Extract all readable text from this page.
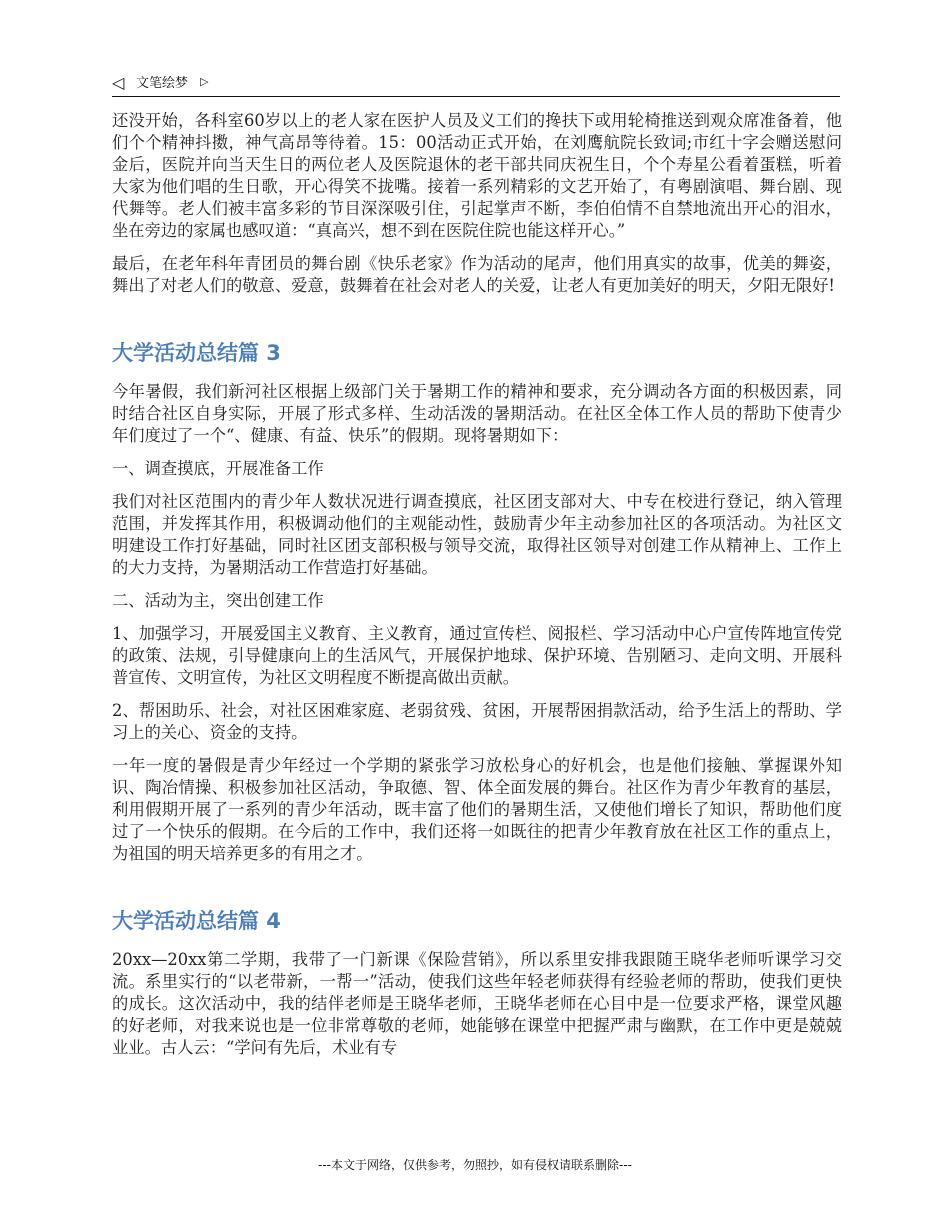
◁ 文笔绘梦 ▷

还没开始，各科室60岁以上的老人家在医护人员及义工们的搀扶下或用轮椅推送到观众席准备着，他们个个精神抖擞，神气高昂等待着。15：00活动正式开始，在刘鹰航院长致词;市红十字会赠送慰问金后，医院并向当天生日的两位老人及医院退休的老干部共同庆祝生日，个个寿星公看着蛋糕，听着大家为他们唱的生日歌，开心得笑不拢嘴。接着一系列精彩的文艺开始了，有粤剧演唱、舞台剧、现代舞等。老人们被丰富多彩的节目深深吸引住，引起掌声不断，李伯伯情不自禁地流出开心的泪水，坐在旁边的家属也感叹道：“真高兴，想不到在医院住院也能这样开心。”

最后，在老年科年青团员的舞台剧《快乐老家》作为活动的尾声，他们用真实的故事，优美的舞姿，舞出了对老人们的敬意、爱意，鼓舞着在社会对老人的关爱，让老人有更加美好的明天，夕阳无限好!

大学活动总结篇 3

今年暑假，我们新河社区根据上级部门关于暑期工作的精神和要求，充分调动各方面的积极因素，同时结合社区自身实际，开展了形式多样、生动活泼的暑期活动。在社区全体工作人员的帮助下使青少年们度过了一个“、健康、有益、快乐”的假期。现将暑期如下：

一、调查摸底，开展准备工作

我们对社区范围内的青少年人数状况进行调查摸底，社区团支部对大、中专在校进行登记，纳入管理范围，并发挥其作用，积极调动他们的主观能动性，鼓励青少年主动参加社区的各项活动。为社区文明建设工作打好基础，同时社区团支部积极与领导交流，取得社区领导对创建工作从精神上、工作上的大力支持，为暑期活动工作营造打好基础。

二、活动为主，突出创建工作

1、加强学习，开展爱国主义教育、主义教育，通过宣传栏、阅报栏、学习活动中心户宣传阵地宣传党的政策、法规，引导健康向上的生活风气，开展保护地球、保护环境、告别陋习、走向文明、开展科普宣传、文明宣传，为社区文明程度不断提高做出贡献。

2、帮困助乐、社会，对社区困难家庭、老弱贫残、贫困，开展帮困捐款活动，给予生活上的帮助、学习上的关心、资金的支持。

一年一度的暑假是青少年经过一个学期的紧张学习放松身心的好机会，也是他们接触、掌握课外知识、陶冶情操、积极参加社区活动，争取德、智、体全面发展的舞台。社区作为青少年教育的基层，利用假期开展了一系列的青少年活动，既丰富了他们的暑期生活，又使他们增长了知识，帮助他们度过了一个快乐的假期。在今后的工作中，我们还将一如既往的把青少年教育放在社区工作的重点上，为祖国的明天培养更多的有用之才。

大学活动总结篇 4

20xx—20xx第二学期，我带了一门新课《保险营销》，所以系里安排我跟随王晓华老师听课学习交流。系里实行的“以老带新，一帮一”活动，使我们这些年轻老师获得有经验老师的帮助，使我们更快的成长。这次活动中，我的结伴老师是王晓华老师，王晓华老师在心目中是一位要求严格，课堂风趣的好老师，对我来说也是一位非常尊敬的老师，她能够在课堂中把握严肃与幽默，在工作中更是兢兢业业。古人云：“学问有先后，术业有专

---本文于网络，仅供参考，勿照抄，如有侵权请联系删除---
